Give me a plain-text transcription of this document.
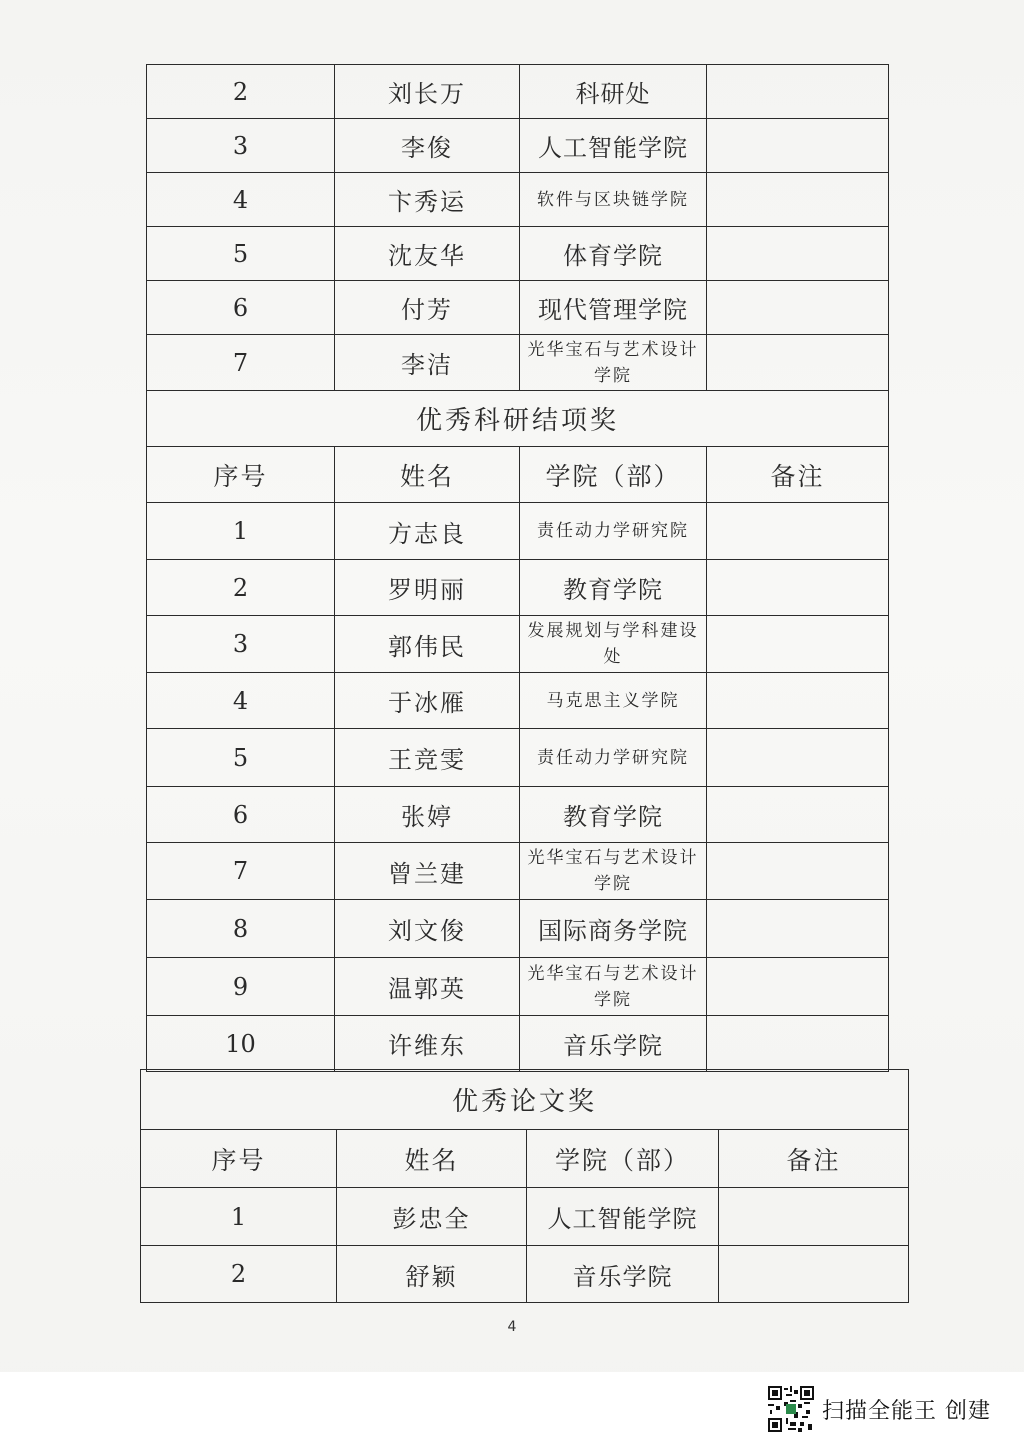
2	刘长万	科研处	
3	李俊	人工智能学院	
4	卞秀运	软件与区块链学院	
5	沈友华	体育学院	
6	付芳	现代管理学院	
7	李洁	光华宝石与艺术设计学院	
优秀科研结项奖			
序号	姓名	学院（部）	备注
1	方志良	责任动力学研究院	
2	罗明丽	教育学院	
3	郭伟民	发展规划与学科建设处	
4	于冰雁	马克思主义学院	
5	王竞雯	责任动力学研究院	
6	张婷	教育学院	
7	曾兰建	光华宝石与艺术设计学院	
8	刘文俊	国际商务学院	
9	温郭英	光华宝石与艺术设计学院	
10	许维东	音乐学院	
优秀论文奖			
序号	姓名	学院（部）	备注
1	彭忠全	人工智能学院	
2	舒颖	音乐学院	
4
扫描全能王 创建
